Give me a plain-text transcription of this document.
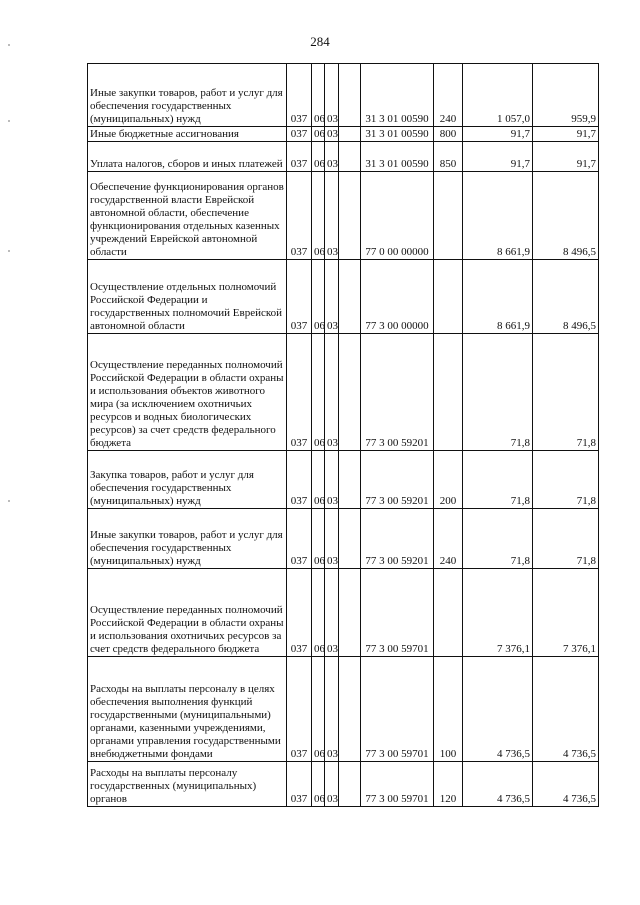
284
Иные закупки товаров, работ и услуг для обеспечения государственных (муниципальных) нужд	037	06	03		31 3 01 00590	240	1 057,0	959,9
Иные бюджетные ассигнования	037	06	03		31 3 01 00590	800	91,7	91,7
Уплата налогов, сборов и иных платежей	037	06	03		31 3 01 00590	850	91,7	91,7
Обеспечение функционирования органов государственной власти Еврейской автономной области, обеспечение функционирования отдельных казенных учреждений Еврейской автономной области	037	06	03		77 0 00 00000		8 661,9	8 496,5
Осуществление отдельных полномочий Российской Федерации и государственных полномочий Еврейской автономной области	037	06	03		77 3 00 00000		8 661,9	8 496,5
Осуществление переданных полномочий Российской Федерации в области охраны и использования объектов животного мира (за исключением охотничьих ресурсов и водных биологических ресурсов) за счет средств федерального бюджета	037	06	03		77 3 00 59201		71,8	71,8
Закупка товаров, работ и услуг для обеспечения государственных (муниципальных) нужд	037	06	03		77 3 00 59201	200	71,8	71,8
Иные закупки товаров, работ и услуг для обеспечения государственных (муниципальных) нужд	037	06	03		77 3 00 59201	240	71,8	71,8
Осуществление переданных полномочий Российской Федерации в области охраны и использования охотничьих ресурсов за счет средств федерального бюджета	037	06	03		77 3 00 59701		7 376,1	7 376,1
Расходы на выплаты персоналу в целях обеспечения выполнения функций государственными (муниципальными) органами, казенными учреждениями, органами управления государственными внебюджетными фондами	037	06	03		77 3 00 59701	100	4 736,5	4 736,5
Расходы на выплаты персоналу государственных (муниципальных) органов	037	06	03		77 3 00 59701	120	4 736,5	4 736,5
